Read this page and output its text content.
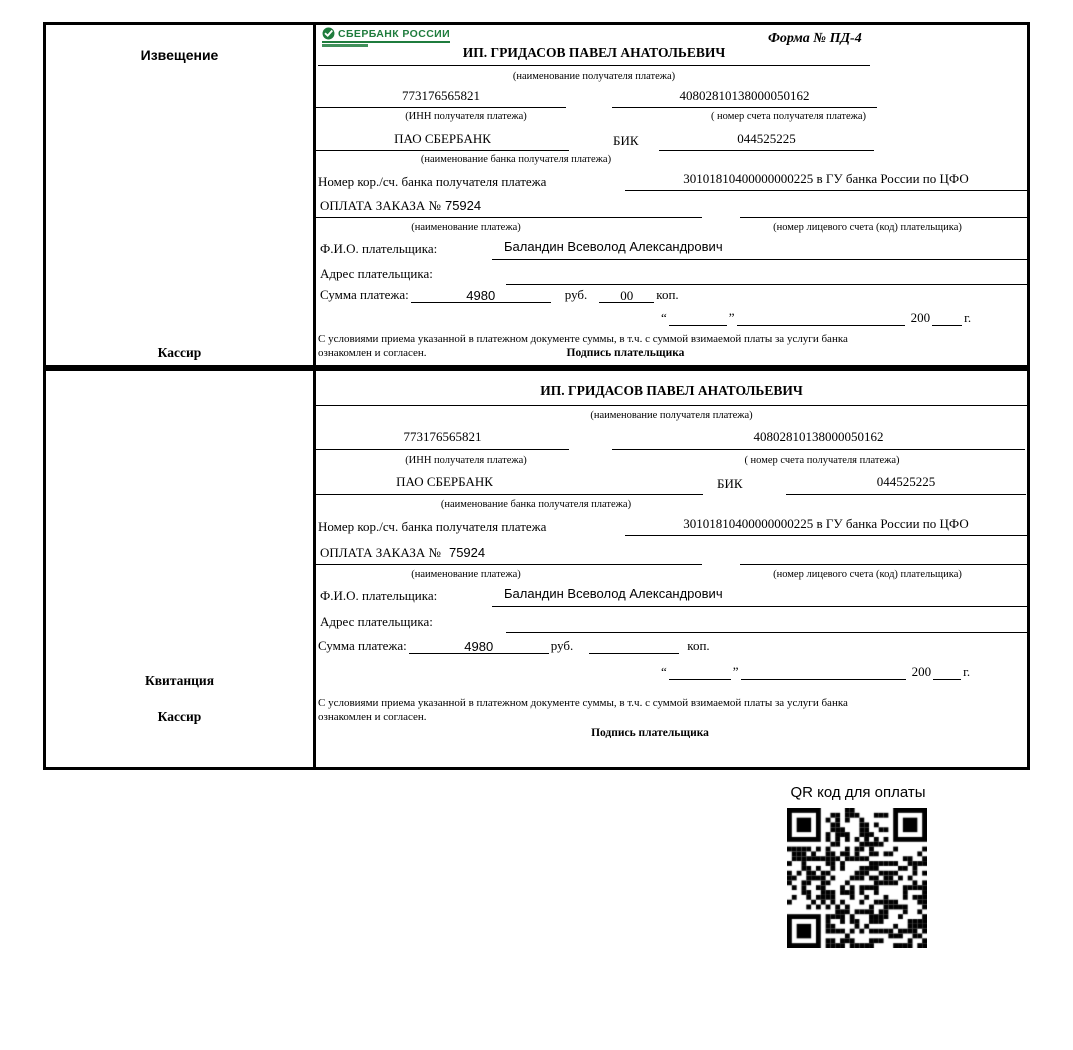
Извещение
Кассир
СБЕРБАНК РОССИИ	Форма № ПД-4
ИП. ГРИДАСОВ ПАВЕЛ АНАТОЛЬЕВИЧ
(наименование получателя платежа)
773176565821	40802810138000050162
(ИНН получателя платежа)	( номер счета получателя платежа)
ПАО СБЕРБАНК	БИК	044525225
(наименование банка получателя платежа)
Номер кор./сч. банка получателя платежа	30101810400000000225 в ГУ банка России по ЦФО
ОПЛАТА ЗАКАЗА № 75924
(наименование платежа)	(номер лицевого счета (код) плательщика)
Ф.И.О. плательщика:	Баландин Всеволод Александрович
Адрес плательщика:
Сумма платежа:	4980	руб.	00	коп.
“	”	200	г.
С условиями приема указанной в платежном документе суммы, в т.ч. с суммой взимаемой платы за услуги банка
ознакомлен и согласен.	Подпись плательщика
Квитанция
Кассир
ИП. ГРИДАСОВ ПАВЕЛ АНАТОЛЬЕВИЧ
(наименование получателя платежа)
773176565821	40802810138000050162
(ИНН получателя платежа)	( номер счета получателя платежа)
ПАО СБЕРБАНК	БИК	044525225
(наименование банка получателя платежа)
Номер кор./сч. банка получателя платежа	30101810400000000225 в ГУ банка России по ЦФО
ОПЛАТА ЗАКАЗА № 75924
(наименование платежа)	(номер лицевого счета (код) плательщика)
Ф.И.О. плательщика:	Баландин Всеволод Александрович
Адрес плательщика:
Сумма платежа:	4980	руб.	коп.
“	”	200 г.
С условиями приема указанной в платежном документе суммы, в т.ч. с суммой взимаемой платы за услуги банка
ознакомлен и согласен.
Подпись плательщика
QR код для оплаты
